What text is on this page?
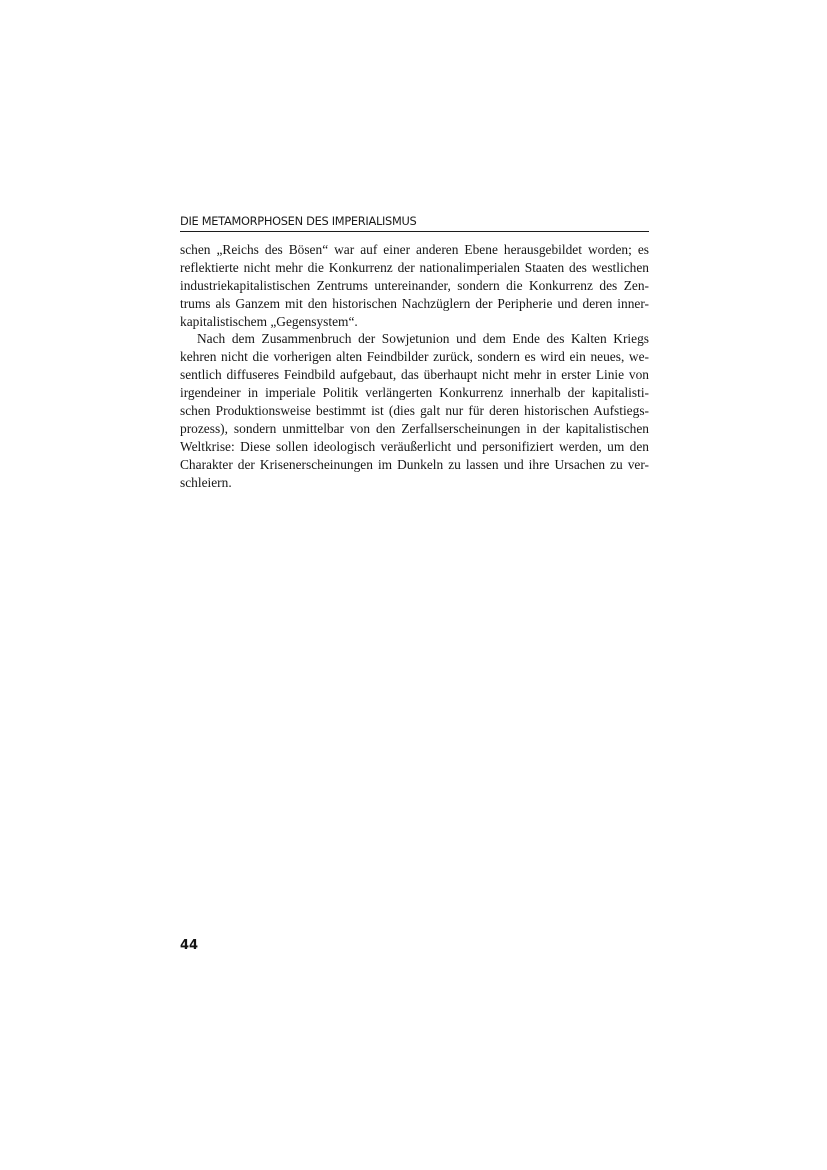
DIE METAMORPHOSEN DES IMPERIALISMUS
schen „Reichs des Bösen“ war auf einer anderen Ebene herausgebildet worden; es
reflektierte nicht mehr die Konkurrenz der nationalimperialen Staaten des westlichen
industriekapitalistischen Zentrums untereinander, sondern die Konkurrenz des Zen-
trums als Ganzem mit den historischen Nachzüglern der Peripherie und deren inner-
kapitalistischem „Gegensystem“.
Nach dem Zusammenbruch der Sowjetunion und dem Ende des Kalten Kriegs
kehren nicht die vorherigen alten Feindbilder zurück, sondern es wird ein neues, we-
sentlich diffuseres Feindbild aufgebaut, das überhaupt nicht mehr in erster Linie von
irgendeiner in imperiale Politik verlängerten Konkurrenz innerhalb der kapitalisti-
schen Produktionsweise bestimmt ist (dies galt nur für deren historischen Aufstiegs-
prozess), sondern unmittelbar von den Zerfallserscheinungen in der kapitalistischen
Weltkrise: Diese sollen ideologisch veräußerlicht und personifiziert werden, um den
Charakter der Krisenerscheinungen im Dunkeln zu lassen und ihre Ursachen zu ver-
schleiern.
44
